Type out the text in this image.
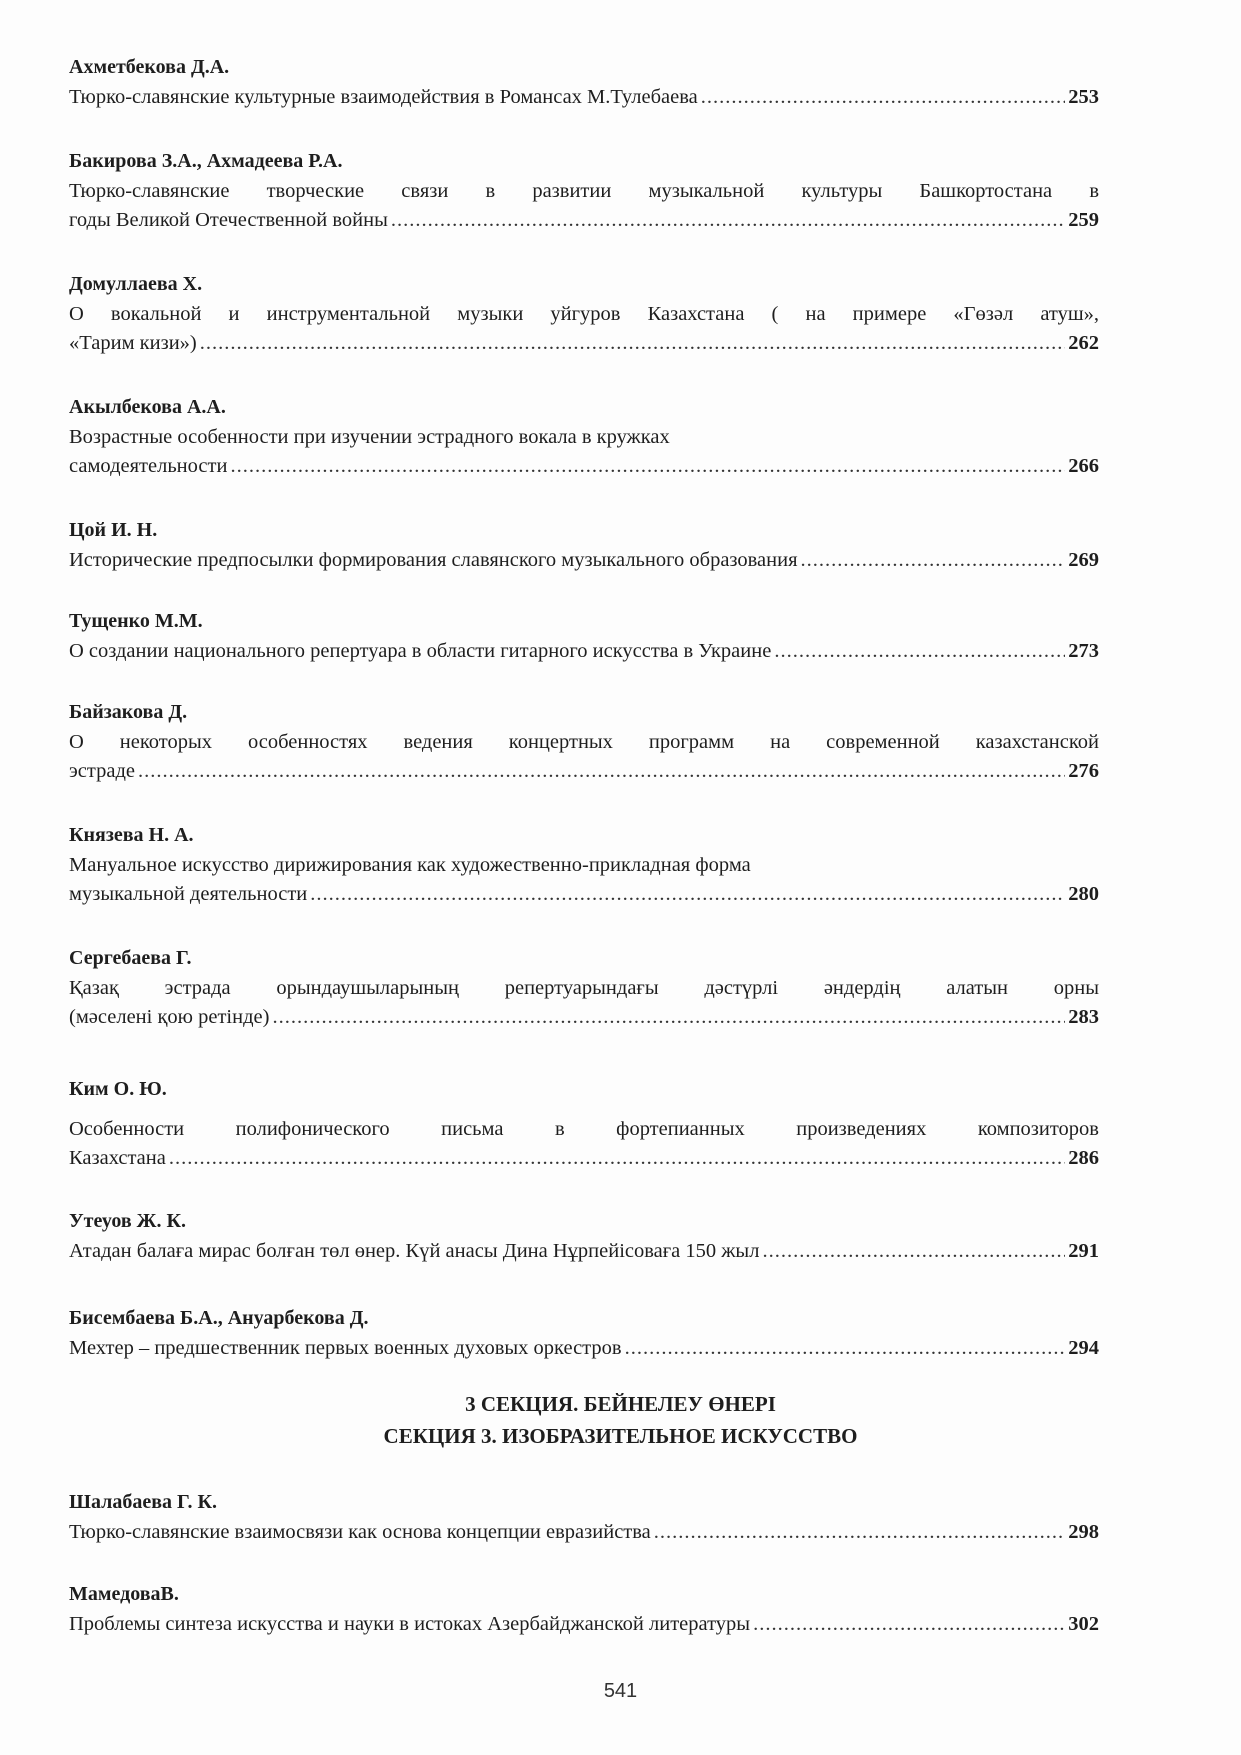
Ахметбекова Д.А.
Тюрко-славянские культурные взаимодействия в Романсах М.Тулебаева .....	253
Бакирова З.А., Ахмадеева Р.А.
Тюрко-славянские творческие связи в развитии музыкальной культуры Башкортостана в
годы Великой Отечественной войны .....	259
Домуллаева Х.
О вокальной и инструментальной музыки уйгуров Казахстана ( на примере «Гөзәл атуш»,
«Тарим кизи») .....	262
Акылбекова А.А.
Возрастные особенности при изучении эстрадного вокала в кружках
самодеятельности .....	266
Цой И. Н.
Исторические предпосылки формирования славянского музыкального образования .....	269
Тущенко М.М.
О создании национального репертуара в области гитарного искусства в Украине .....	273
Байзакова Д.
О некоторых особенностях ведения концертных программ на современной казахстанской
эстраде .....	276
Князева Н. А.
Мануальное искусство дирижирования как художественно-прикладная форма
музыкальной деятельности .....	280
Сергебаева Г.
Қазақ эстрада орындаушыларының репертуарындағы дәстүрлі әндердің алатын орны
(мәселені қою ретінде) .....	283
Ким О. Ю.
Особенности полифонического письма в фортепианных произведениях композиторов
Казахстана .....	286
Утеуов Ж. К.
Атадан балаға мирас болған төл өнер. Күй анасы Дина Нұрпейісоваға 150 жыл .....	291
Бисембаева Б.А., Ануарбекова Д.
Мехтер – предшественник первых военных духовых оркестров .....	294
3 СЕКЦИЯ. БЕЙНЕЛЕУ ӨНЕРІ
СЕКЦИЯ 3. ИЗОБРАЗИТЕЛЬНОЕ ИСКУССТВО
Шалабаева Г. К.
Тюрко-славянские взаимосвязи как основа концепции евразийства .....	298
МамедоваВ.
Проблемы синтеза искусства и науки в истоках Азербайджанской литературы .....	302
541
